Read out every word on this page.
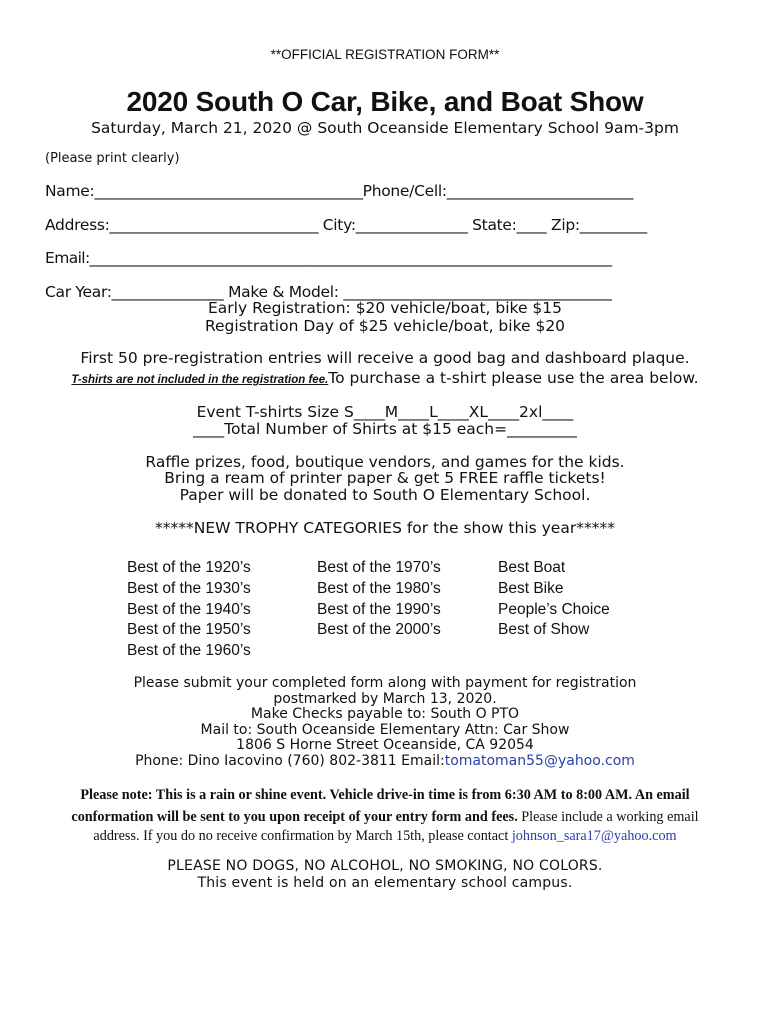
**OFFICIAL REGISTRATION FORM**
2020 South O Car, Bike, and Boat Show
Saturday, March 21, 2020 @ South Oceanside Elementary School 9am-3pm
(Please print clearly)
Name:____________________________________Phone/Cell:_________________________
Address:____________________________ City:_______________ State:____ Zip:_________
Email:_________________________________________________________________________
Car Year:_______________ Make & Model: ____________________________________
Early Registration: $20 vehicle/boat, bike $15
Registration Day of $25 vehicle/boat, bike $20
First 50 pre-registration entries will receive a good bag and dashboard plaque.
T-shirts are not included in the registration fee.To purchase a t-shirt please use the area below.
Event T-shirts Size S____M____L____XL____2xl____
____Total Number of Shirts at $15 each=_________
Raffle prizes, food, boutique vendors, and games for the kids.
Bring a ream of printer paper & get 5 FREE raffle tickets!
Paper will be donated to South O Elementary School.
*****NEW TROPHY CATEGORIES for the show this year*****
Best of the 1920’s
Best of the 1930’s
Best of the 1940’s
Best of the 1950’s
Best of the 1960’s
Best of the 1970’s
Best of the 1980’s
Best of the 1990’s
Best of the 2000’s
Best Boat
Best Bike
People’s Choice
Best of Show
Please submit your completed form along with payment for registration
postmarked by March 13, 2020.
Make Checks payable to: South O PTO
Mail to: South Oceanside Elementary Attn: Car Show
1806 S Horne Street Oceanside, CA 92054
Phone: Dino Iacovino (760) 802-3811 Email:tomatoman55@yahoo.com
Please note: This is a rain or shine event. Vehicle drive-in time is from 6:30 AM to 8:00 AM. An email
conformation will be sent to you upon receipt of your entry form and fees. Please include a working email
address. If you do no receive confirmation by March 15th, please contact johnson_sara17@yahoo.com
PLEASE NO DOGS, NO ALCOHOL, NO SMOKING, NO COLORS.
This event is held on an elementary school campus.
